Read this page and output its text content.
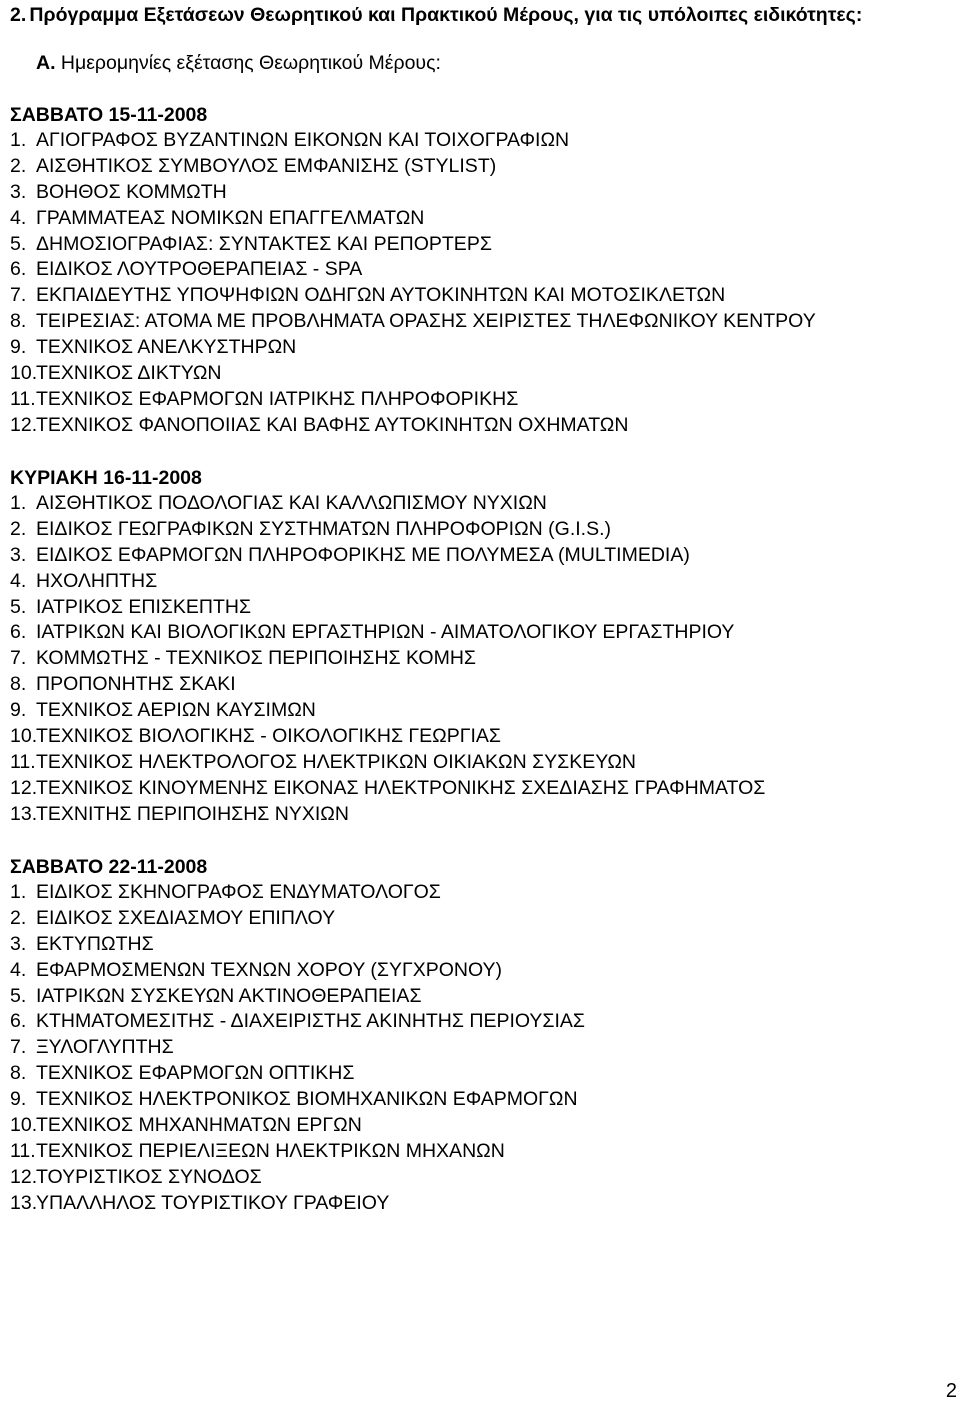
2. Πρόγραμμα Εξετάσεων Θεωρητικού και Πρακτικού Μέρους, για τις υπόλοιπες ειδικότητες:
Α. Ημερομηνίες εξέτασης Θεωρητικού Μέρους:
ΣΑΒΒΑΤΟ 15-11-2008
1. ΑΓΙΟΓΡΑΦΟΣ ΒΥΖΑΝΤΙΝΩΝ ΕΙΚΟΝΩΝ ΚΑΙ ΤΟΙΧΟΓΡΑΦΙΩΝ
2. ΑΙΣΘΗΤΙΚΟΣ ΣΥΜΒΟΥΛΟΣ ΕΜΦΑΝΙΣΗΣ (STYLIST)
3. ΒΟΗΘΟΣ ΚΟΜΜΩΤΗ
4. ΓΡΑΜΜΑΤΕΑΣ ΝΟΜΙΚΩΝ ΕΠΑΓΓΕΛΜΑΤΩΝ
5. ΔΗΜΟΣΙΟΓΡΑΦΙΑΣ: ΣΥΝΤΑΚΤΕΣ ΚΑΙ ΡΕΠΟΡΤΕΡΣ
6. ΕΙΔΙΚΟΣ ΛΟΥΤΡΟΘΕΡΑΠΕΙΑΣ - SPA
7. ΕΚΠΑΙΔΕΥΤΗΣ ΥΠΟΨΗΦΙΩΝ ΟΔΗΓΩΝ ΑΥΤΟΚΙΝΗΤΩΝ ΚΑΙ ΜΟΤΟΣΙΚΛΕΤΩΝ
8. ΤΕΙΡΕΣΙΑΣ: ΑΤΟΜΑ ΜΕ ΠΡΟΒΛΗΜΑΤΑ ΟΡΑΣΗΣ ΧΕΙΡΙΣΤΕΣ ΤΗΛΕΦΩΝΙΚΟΥ ΚΕΝΤΡΟΥ
9. ΤΕΧΝΙΚΟΣ ΑΝΕΛΚΥΣΤΗΡΩΝ
10.
ΤΕΧΝΙΚΟΣ ΔΙΚΤΥΩΝ
11. ΤΕΧΝΙΚΟΣ ΕΦΑΡΜΟΓΩΝ ΙΑΤΡΙΚΗΣ ΠΛΗΡΟΦΟΡΙΚΗΣ
12.
ΤΕΧΝΙΚΟΣ ΦΑΝΟΠΟΙΙΑΣ ΚΑΙ ΒΑΦΗΣ ΑΥΤΟΚΙΝΗΤΩΝ ΟΧΗΜΑΤΩΝ
ΚΥΡΙΑΚΗ 16-11-2008
1. ΑΙΣΘΗΤΙΚΟΣ ΠΟΔΟΛΟΓΙΑΣ ΚΑΙ ΚΑΛΛΩΠΙΣΜΟΥ ΝΥΧΙΩΝ
2. ΕΙΔΙΚΟΣ ΓΕΩΓΡΑΦΙΚΩΝ ΣΥΣΤΗΜΑΤΩΝ ΠΛΗΡΟΦΟΡΙΩΝ (G.I.S.)
3. ΕΙΔΙΚΟΣ ΕΦΑΡΜΟΓΩΝ ΠΛΗΡΟΦΟΡΙΚΗΣ ΜΕ ΠΟΛΥΜΕΣΑ (MULTIMEDIA)
4. ΗΧΟΛΗΠΤΗΣ
5. ΙΑΤΡΙΚΟΣ ΕΠΙΣΚΕΠΤΗΣ
6. ΙΑΤΡΙΚΩΝ ΚΑΙ ΒΙΟΛΟΓΙΚΩΝ ΕΡΓΑΣΤΗΡΙΩΝ - ΑΙΜΑΤΟΛΟΓΙΚΟΥ ΕΡΓΑΣΤΗΡΙΟΥ
7. ΚΟΜΜΩΤΗΣ - ΤΕΧΝΙΚΟΣ ΠΕΡΙΠΟΙΗΣΗΣ ΚΟΜΗΣ
8. ΠΡΟΠΟΝΗΤΗΣ ΣΚΑΚΙ
9. ΤΕΧΝΙΚΟΣ ΑΕΡΙΩΝ ΚΑΥΣΙΜΩΝ
10.
ΤΕΧΝΙΚΟΣ ΒΙΟΛΟΓΙΚΗΣ - ΟΙΚΟΛΟΓΙΚΗΣ ΓΕΩΡΓΙΑΣ
11. ΤΕΧΝΙΚΟΣ ΗΛΕΚΤΡΟΛΟΓΟΣ ΗΛΕΚΤΡΙΚΩΝ ΟΙΚΙΑΚΩΝ ΣΥΣΚΕΥΩΝ
12.
ΤΕΧΝΙΚΟΣ ΚΙΝΟΥΜΕΝΗΣ ΕΙΚΟΝΑΣ ΗΛΕΚΤΡΟΝΙΚΗΣ ΣΧΕΔΙΑΣΗΣ ΓΡΑΦΗΜΑΤΟΣ
13.
ΤΕΧΝΙΤΗΣ ΠΕΡΙΠΟΙΗΣΗΣ ΝΥΧΙΩΝ
ΣΑΒΒΑΤΟ 22-11-2008
1. ΕΙΔΙΚΟΣ ΣΚΗΝΟΓΡΑΦΟΣ ΕΝΔΥΜΑΤΟΛΟΓΟΣ
2. ΕΙΔΙΚΟΣ ΣΧΕΔΙΑΣΜΟΥ ΕΠΙΠΛΟΥ
3. ΕΚΤΥΠΩΤΗΣ
4. ΕΦΑΡΜΟΣΜΕΝΩΝ ΤΕΧΝΩΝ ΧΟΡΟΥ (ΣΥΓΧΡΟΝΟΥ)
5. ΙΑΤΡΙΚΩΝ ΣΥΣΚΕΥΩΝ ΑΚΤΙΝΟΘΕΡΑΠΕΙΑΣ
6. ΚΤΗΜΑΤΟΜΕΣΙΤΗΣ - ΔΙΑΧΕΙΡΙΣΤΗΣ ΑΚΙΝΗΤΗΣ ΠΕΡΙΟΥΣΙΑΣ
7. ΞΥΛΟΓΛΥΠΤΗΣ
8. ΤΕΧΝΙΚΟΣ ΕΦΑΡΜΟΓΩΝ ΟΠΤΙΚΗΣ
9. ΤΕΧΝΙΚΟΣ ΗΛΕΚΤΡΟΝΙΚΟΣ ΒΙΟΜΗΧΑΝΙΚΩΝ ΕΦΑΡΜΟΓΩΝ
10.
ΤΕΧΝΙΚΟΣ ΜΗΧΑΝΗΜΑΤΩΝ ΕΡΓΩΝ
11. ΤΕΧΝΙΚΟΣ ΠΕΡΙΕΛΙΞΕΩΝ ΗΛΕΚΤΡΙΚΩΝ ΜΗΧΑΝΩΝ
12.
ΤΟΥΡΙΣΤΙΚΟΣ ΣΥΝΟΔΟΣ
13.
ΥΠΑΛΛΗΛΟΣ ΤΟΥΡΙΣΤΙΚΟΥ ΓΡΑΦΕΙΟΥ
2
